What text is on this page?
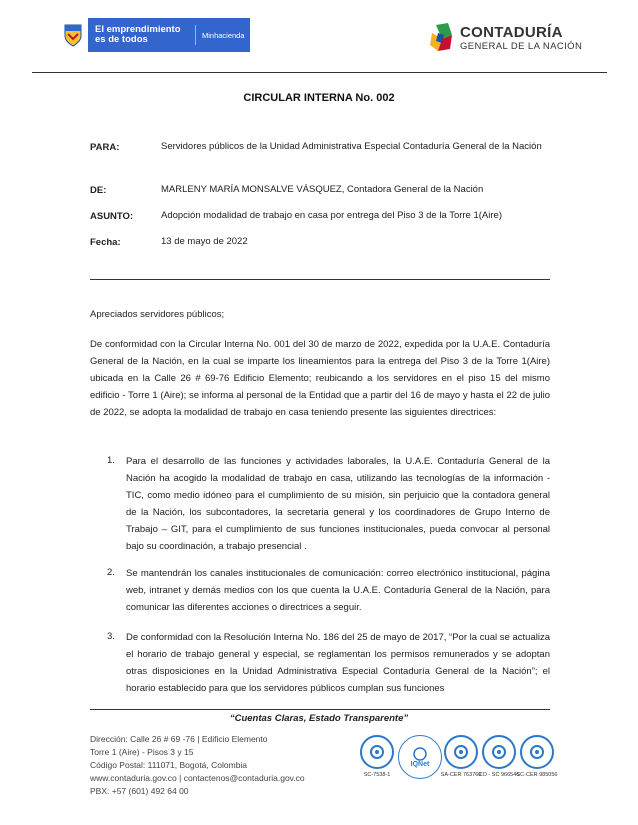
El emprendimiento
es de todos	Minhacienda	CONTADURÍA
GENERAL DE LA NACIÓN
CIRCULAR INTERNA No. 002
PARA:	Servidores públicos de la Unidad Administrativa Especial Contaduría General de la Nación
DE:	MARLENY MARÍA MONSALVE VÁSQUEZ, Contadora General de la Nación
ASUNTO:	Adopción modalidad de trabajo en casa por entrega del Piso 3 de la Torre 1(Aire)
Fecha:	13 de mayo de 2022
Apreciados servidores públicos;
De conformidad con la Circular Interna No. 001 del 30 de marzo de 2022, expedida por la U.A.E. Contaduría General de la Nación, en la cual se imparte los lineamientos para la entrega del Piso 3 de la Torre 1(Aire) ubicada en la Calle 26 # 69-76 Edificio Elemento; reubicando a los servidores en el piso 15 del mismo edificio - Torre 1 (Aire); se informa al personal de la Entidad que a partir del 16 de mayo y hasta el 22 de julio de 2022, se adopta la modalidad de trabajo en casa teniendo presente las siguientes directrices:
1. Para el desarrollo de las funciones y actividades laborales, la U.A.E. Contaduría General de la Nación ha acogido la modalidad de trabajo en casa, utilizando las tecnologías de la información - TIC, como medio idóneo para el cumplimiento de su misión, sin perjuicio que la contadora general de la Nación, los subcontadores, la secretaria general y los coordinadores de Grupo Interno de Trabajo – GIT, para el cumplimiento de sus funciones institucionales, pueda convocar al personal bajo su coordinación, a trabajo presencial .
2. Se mantendrán los canales institucionales de comunicación: correo electrónico institucional, página web, intranet y demás medios con los que cuenta la U.A.E. Contaduría General de la Nación, para comunicar las diferentes acciones o directrices a seguir.
3. De conformidad con la Resolución Interna No. 186 del 25 de mayo de 2017, “Por la cual se actualiza el horario de trabajo general y especial, se reglamentan los permisos remunerados y se adoptan otras disposiciones en la Unidad Administrativa Especial Contaduría General de la Nación”; el horario establecido para que los servidores públicos cumplan sus funciones
“Cuentas Claras, Estado Transparente”
Dirección: Calle 26 # 69 -76 | Edificio Elemento
Torre 1 (Aire) - Pisos 3 y 15
Código Postal: 111071, Bogotá, Colombia
www.contaduria.gov.co | contactenos@contaduria.gov.co
PBX: +57 (601) 492 64 00
SC-7538-1
IQNet
SA-CER 763760
CO - SC 966546
SC-CER 985056
